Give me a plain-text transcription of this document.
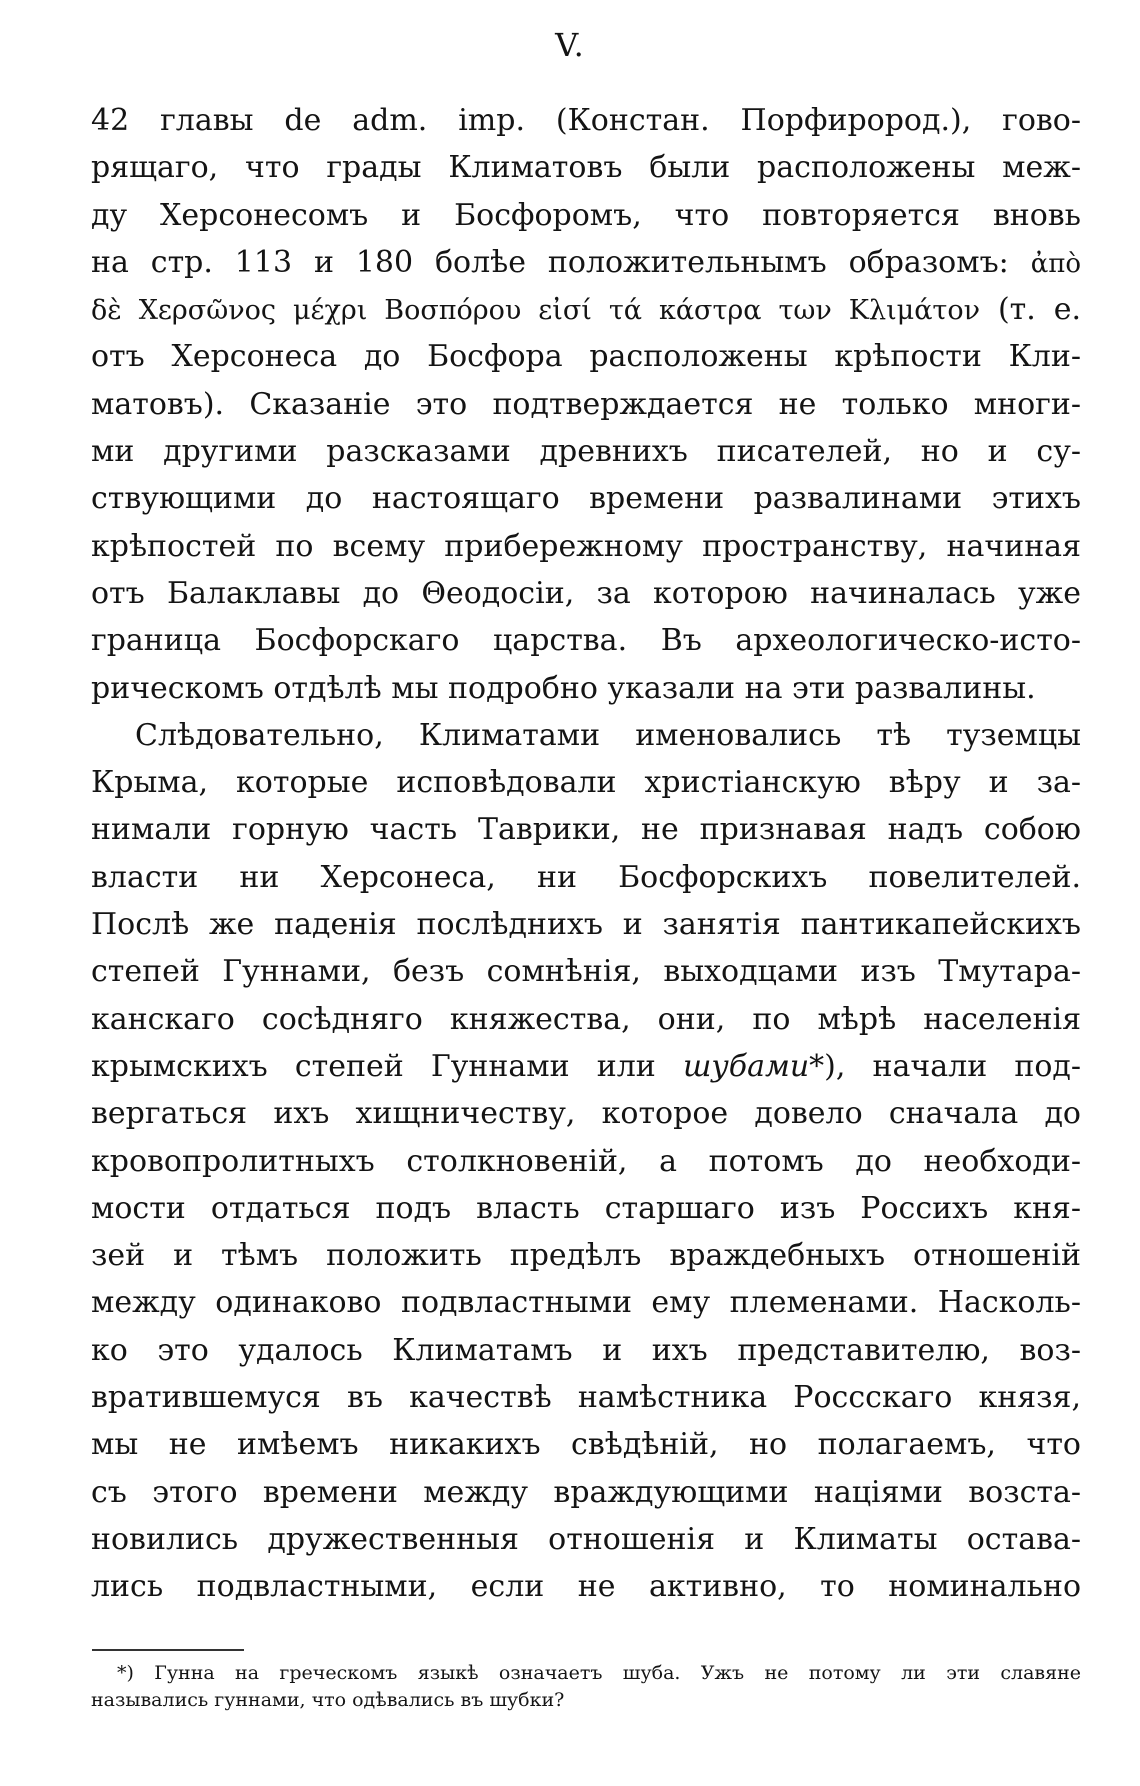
V.
42 главы de adm. imp. (Констан. Порфирород.), гово-
рящаго, что грады Климатовъ были расположены меж-
ду Херсонесомъ и Босфоромъ, что повторяется вновь
на стр. 113 и 180 болѣе положительнымъ образомъ: ἀπὸ
δὲ Χερσῶνος μέχρι Βοσπόρου εἰσί τά κάστρα των Κλιμάτον (т. е.
отъ Херсонеса до Босфора расположены крѣпости Кли-
матовъ). Сказаніе это подтверждается не только многи-
ми другими разсказами древнихъ писателей, но и су-
ствующими до настоящаго времени развалинами этихъ
крѣпостей по всему прибережному пространству, начиная
отъ Балаклавы до Θеодосіи, за которою начиналась уже
граница Босфорскаго царства. Въ археологическо-исто-
рическомъ отдѣлѣ мы подробно указали на эти развалины.
Слѣдовательно, Климатами именовались тѣ туземцы
Крыма, которые исповѣдовали христіанскую вѣру и за-
нимали горную часть Таврики, не признавая надъ собою
власти ни Херсонеса, ни Босфорскихъ повелителей.
Послѣ же паденія послѣднихъ и занятія пантикапейскихъ
степей Гуннами, безъ сомнѣнія, выходцами изъ Тмутара-
канскаго сосѣдняго княжества, они, по мѣрѣ населенія
крымскихъ степей Гуннами или шубами*), начали под-
вергаться ихъ хищничеству, которое довело сначала до
кровопролитныхъ столкновеній, а потомъ до необходи-
мости отдаться подъ власть старшаго изъ Россихъ кня-
зей и тѣмъ положить предѣлъ враждебныхъ отношеній
между одинаково подвластными ему племенами. Насколь-
ко это удалось Климатамъ и ихъ представителю, воз-
вратившемуся въ качествѣ намѣстника Россскаго князя,
мы не имѣемъ никакихъ свѣдѣній, но полагаемъ, что
съ этого времени между враждующими націями возста-
новились дружественныя отношенія и Климаты остава-
лись подвластными, если не активно, то номинально
*) Гунна на греческомъ языкѣ означаетъ шуба. Ужъ не потому ли эти славяне
назывались гуннами, что одѣвались въ шубки?
